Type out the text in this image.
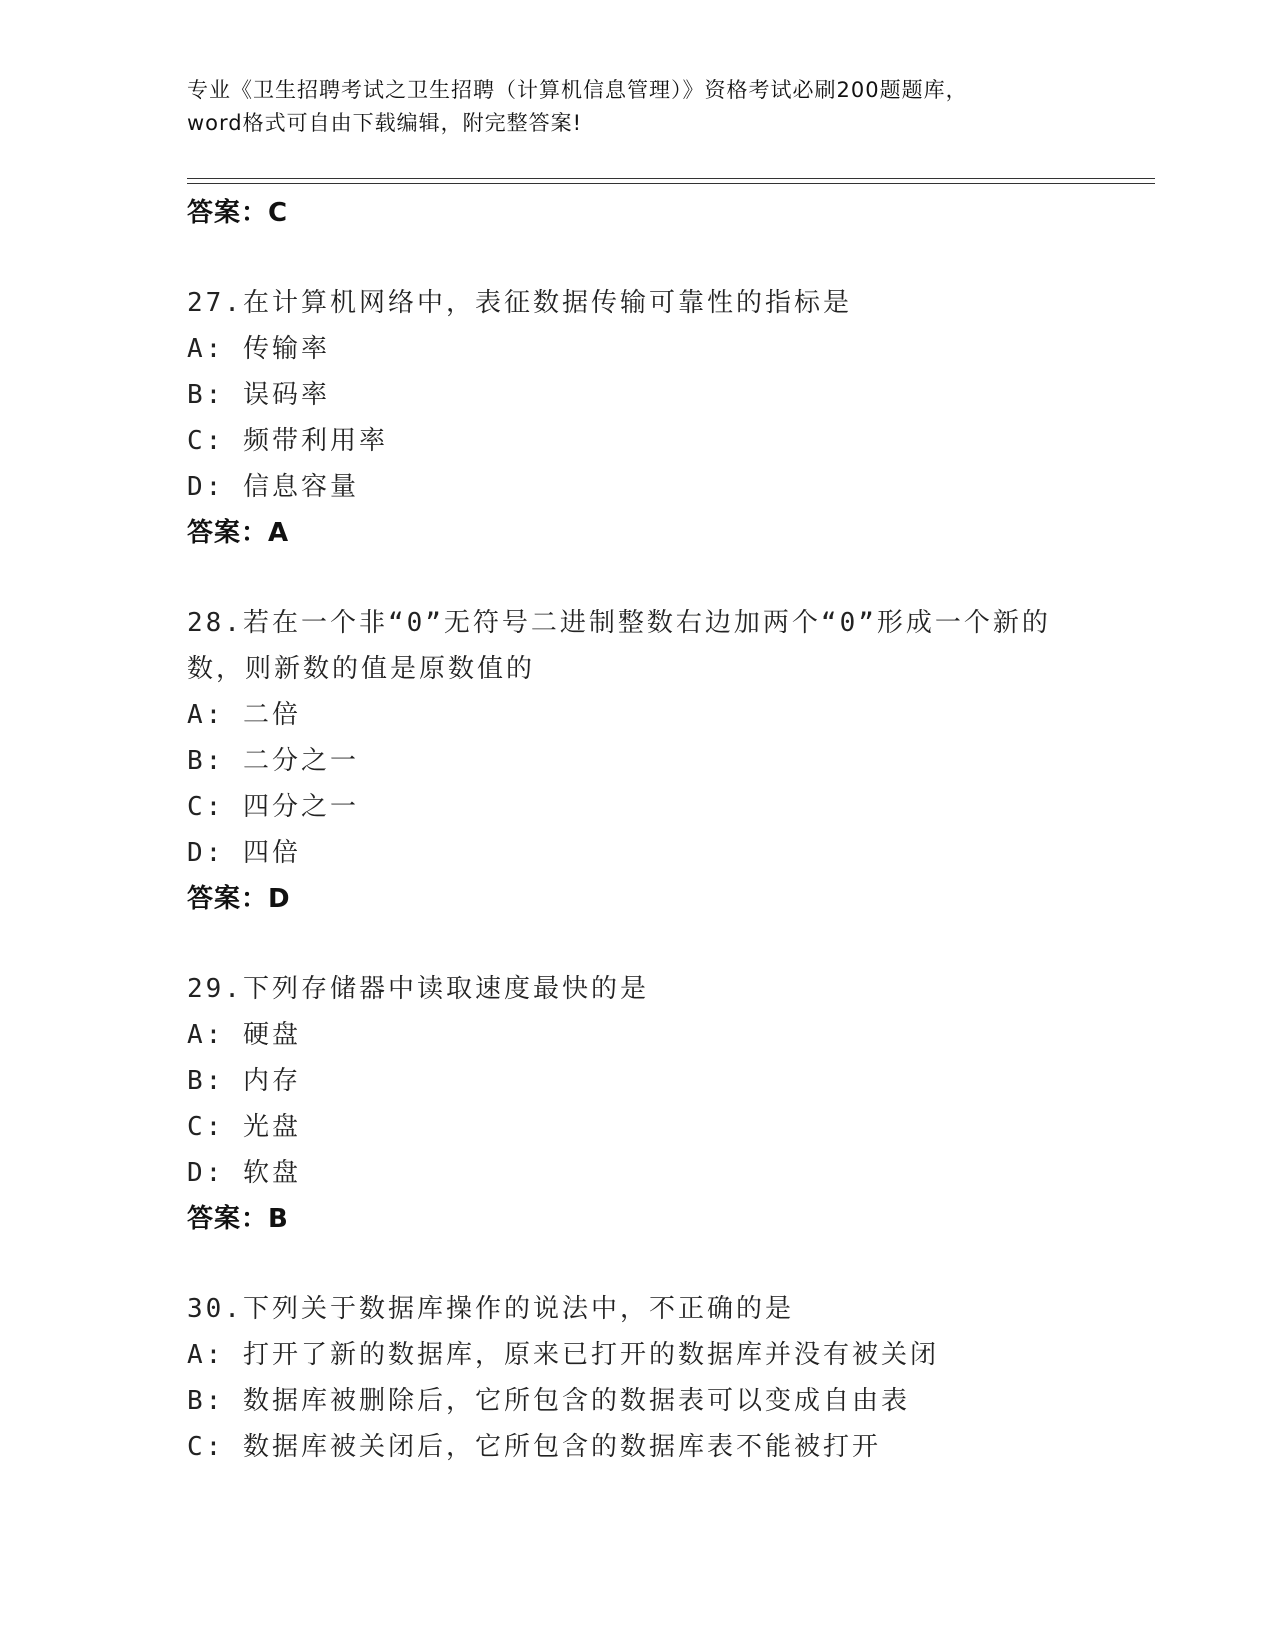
专业《卫生招聘考试之卫生招聘（计算机信息管理）》资格考试必刷200题题库，
word格式可自由下载编辑，附完整答案!
答案：C
27.在计算机网络中，表征数据传输可靠性的指标是
A: 传输率
B: 误码率
C: 频带利用率
D: 信息容量
答案：A
28.若在一个非“0”无符号二进制整数右边加两个“0”形成一个新的
数，则新数的值是原数值的
A: 二倍
B: 二分之一
C: 四分之一
D: 四倍
答案：D
29.下列存储器中读取速度最快的是
A: 硬盘
B: 内存
C: 光盘
D: 软盘
答案：B
30.下列关于数据库操作的说法中，不正确的是
A: 打开了新的数据库，原来已打开的数据库并没有被关闭
B: 数据库被删除后，它所包含的数据表可以变成自由表
C: 数据库被关闭后，它所包含的数据库表不能被打开
